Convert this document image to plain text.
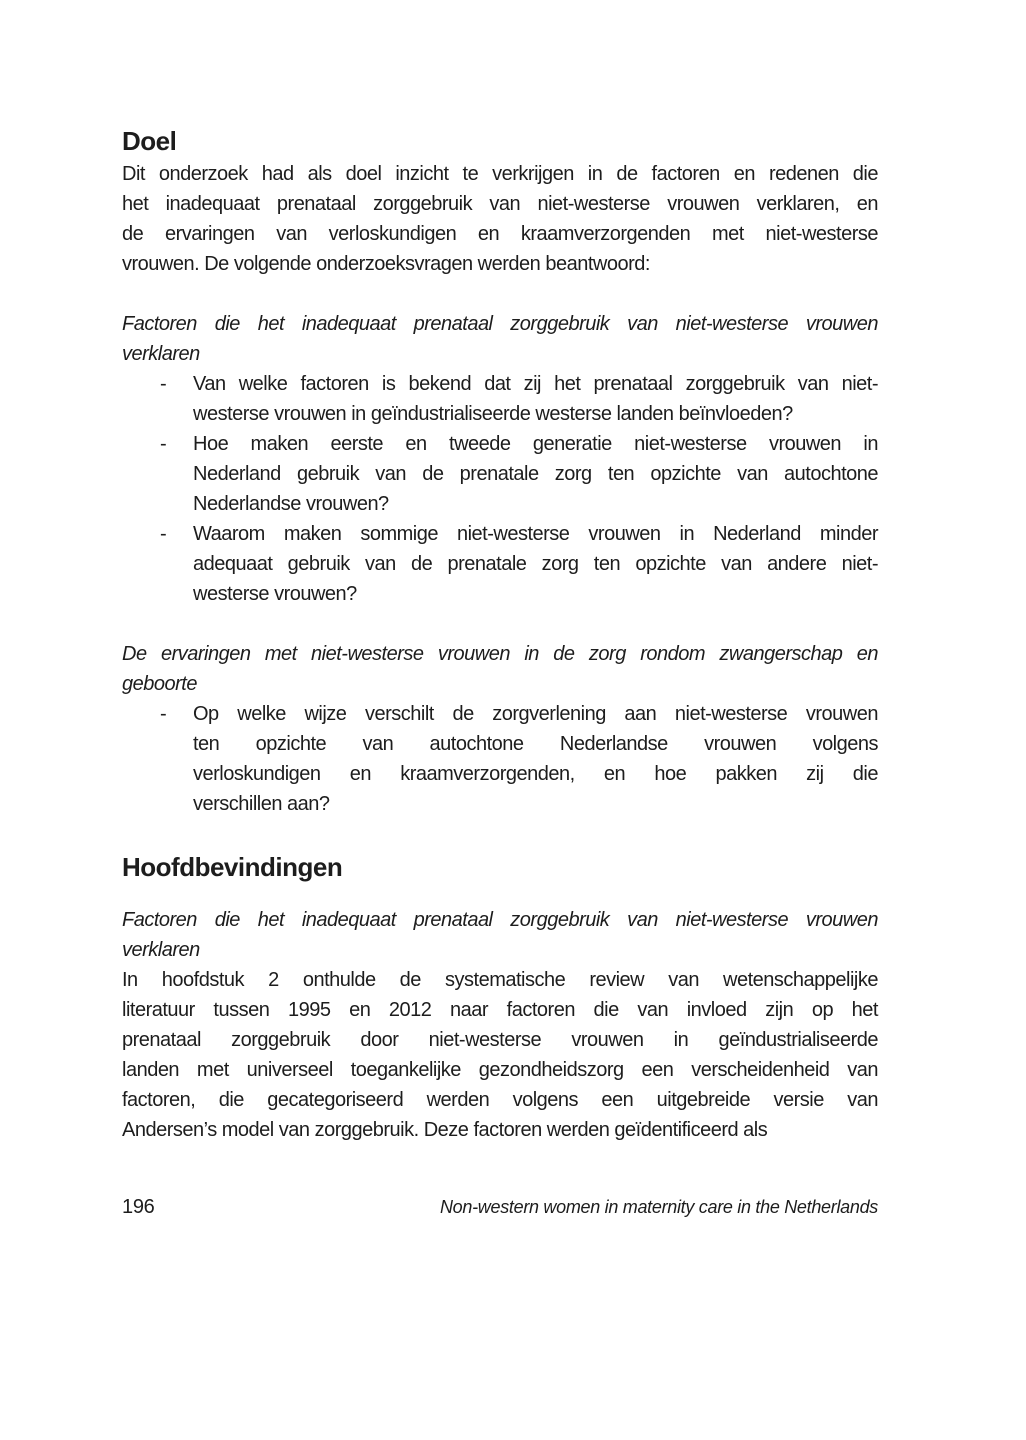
Doel
Dit onderzoek had als doel inzicht te verkrijgen in de factoren en redenen die
het inadequaat prenataal zorggebruik van niet-westerse vrouwen verklaren, en
de ervaringen van verloskundigen en kraamverzorgenden met niet-westerse
vrouwen. De volgende onderzoeksvragen werden beantwoord:
Factoren die het inadequaat prenataal zorggebruik van niet-westerse vrouwen
verklaren
- Van welke factoren is bekend dat zij het prenataal zorggebruik van niet-
westerse vrouwen in geïndustrialiseerde westerse landen beïnvloeden?
- Hoe maken eerste en tweede generatie niet-westerse vrouwen in
Nederland gebruik van de prenatale zorg ten opzichte van autochtone
Nederlandse vrouwen?
- Waarom maken sommige niet-westerse vrouwen in Nederland minder
adequaat gebruik van de prenatale zorg ten opzichte van andere niet-
westerse vrouwen?
De ervaringen met niet-westerse vrouwen in de zorg rondom zwangerschap en
geboorte
- Op welke wijze verschilt de zorgverlening aan niet-westerse vrouwen
ten opzichte van autochtone Nederlandse vrouwen volgens
verloskundigen en kraamverzorgenden, en hoe pakken zij die
verschillen aan?
Hoofdbevindingen
Factoren die het inadequaat prenataal zorggebruik van niet-westerse vrouwen
verklaren
In hoofdstuk 2 onthulde de systematische review van wetenschappelijke
literatuur tussen 1995 en 2012 naar factoren die van invloed zijn op het
prenataal zorggebruik door niet-westerse vrouwen in geïndustrialiseerde
landen met universeel toegankelijke gezondheidszorg een verscheidenheid van
factoren, die gecategoriseerd werden volgens een uitgebreide versie van
Andersen’s model van zorggebruik. Deze factoren werden geïdentificeerd als
196	Non-western women in maternity care in the Netherlands
